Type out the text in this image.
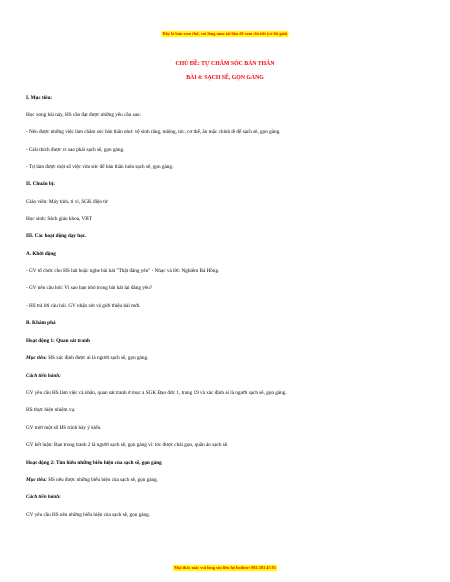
Đây là bản xem thử, vui lòng mua tài liệu để xem chi tiết (có lời giải)
CHỦ ĐỀ: TỰ CHĂM SÓC BẢN THÂN
BÀI 4: SẠCH SẼ, GỌN GÀNG
I. Mục tiêu:
Học xong bài này, HS cần đạt được những yêu cầu sau:
- Nêu được những việc làm chăm sóc bản thân như: vệ sinh răng, miệng, tóc, cơ thể, ăn mặc chỉnh tề để sạch sẽ, gọn gàng.
- Giải thích được vì sao phải sạch sẽ, gọn gàng.
- Tự làm được một số việc vừa sức để bản thân luôn sạch sẽ, gọn gàng.
II. Chuẩn bị:
Giáo viên: Máy tính, ti vi, SGK điện tử
Học sinh: Sách giáo khoa, VBT
III. Các hoạt động dạy học.
A. Khởi động
- GV tổ chức cho HS hát hoặc nghe bài hát "Thật đáng yêu" - Nhạc và lời: Nghiêm Bá Hồng.
- GV nêu câu hỏi: Vì sao bạn nhỏ trong bài hát lại đáng yêu?
- HS trả lời câu hỏi. GV nhận xét và giới thiệu bài mới.
B. Khám phá
Hoạt động 1: Quan sát tranh
Mục tiêu: HS xác định được ai là người sạch sẽ, gọn gàng.
Cách tiến hành:
GV yêu cầu HS làm việc cá nhân, quan sát tranh ở mục a SGK Đạo đức 1, trang 19 và xác định ai là người sạch sẽ, gọn gàng.
HS thực hiện nhiệm vụ.
GV mời một số HS trình bày ý kiến.
GV kết luận: Bạn trong tranh 2 là người sạch sẽ, gọn gàng vì: tóc được chải gọn, quần áo sạch sẽ.
Hoạt động 2: Tìm hiểu những biểu hiện của sạch sẽ, gọn gàng
Mục tiêu: HS nêu được những biểu hiện của sạch sẽ, gọn gàng.
Cách tiến hành:
GV yêu cầu HS nêu những biểu hiện của sạch sẽ, gọn gàng.
Mọi thắc mắc vui lòng xin liên hệ hotline: 084 283 45 85
